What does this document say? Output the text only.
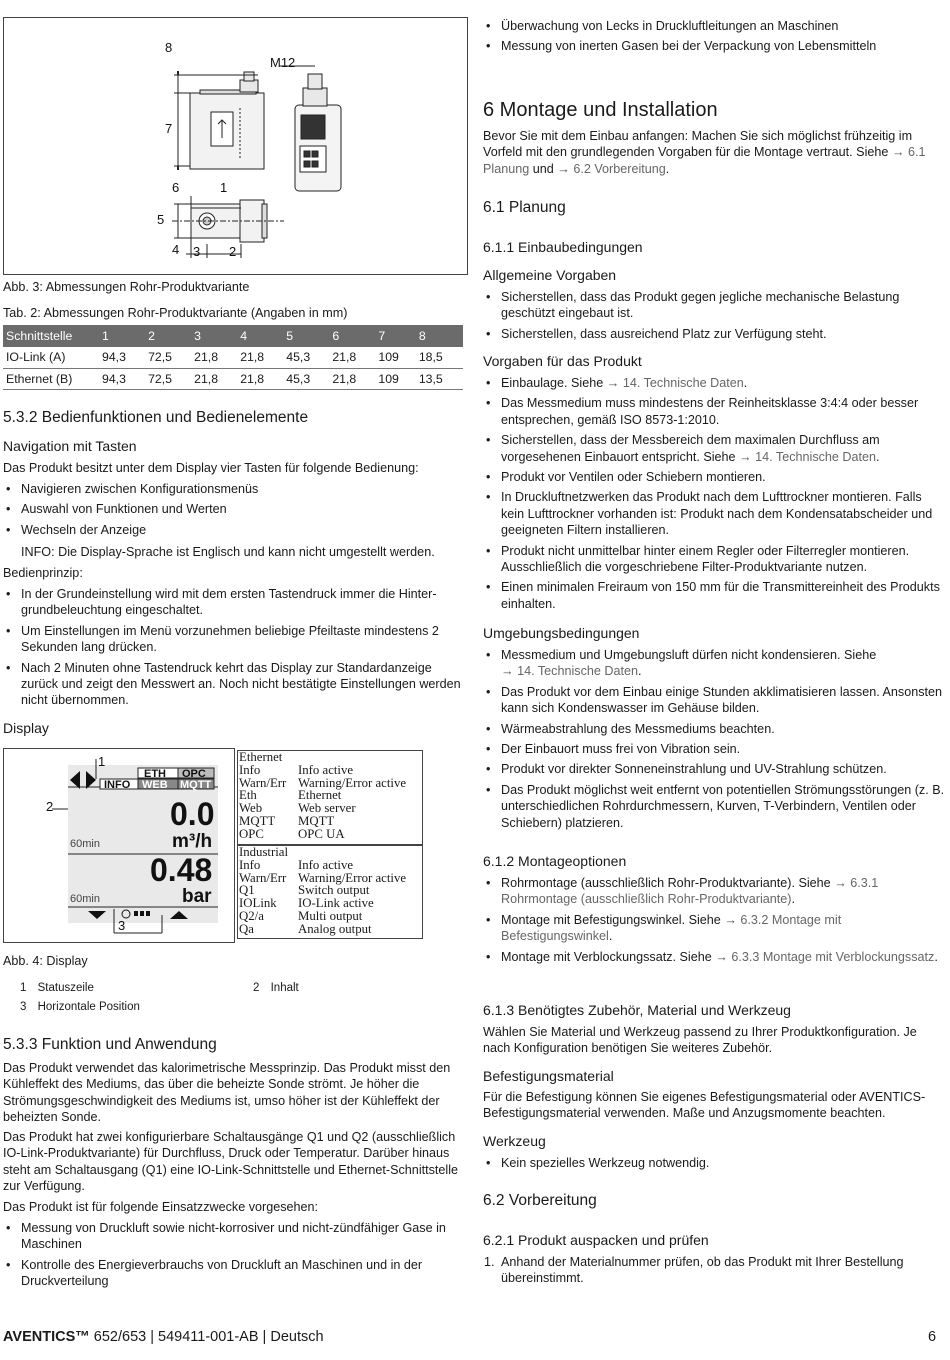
8
M12
7
6	1
5
4 3 2

Abb. 3: Abmessungen Rohr-Produktvariante

Tab. 2: Abmessungen Rohr-Produktvariante (Angaben in mm)

Schnittstelle	1	2	3	4	5	6	7	8
IO-Link (A)	94,3	72,5	21,8	21,8	45,3	21,8	109	18,5
Ethernet (B)	94,3	72,5	21,8	21,8	45,3	21,8	109	13,5
5.3.2 Bedienfunktionen und Bedienelemente
Navigation mit Tasten

Das Produkt besitzt unter dem Display vier Tasten für folgende Bedienung:

• Navigieren zwischen Konfigurationsmenüs
• Auswahl von Funktionen und Werten
• Wechseln der Anzeige

INFO: Die Display-Sprache ist Englisch und kann nicht umgestellt werden.

Bedienprinzip:

• In der Grundeinstellung wird mit dem ersten Tastendruck immer die Hinter-grundbeleuchtung eingeschaltet.
• Um Einstellungen im Menü vorzunehmen beliebige Pfeiltaste mindestens 2 Sekunden lang drücken.
• Nach 2 Minuten ohne Tastendruck kehrt das Display zur Standardanzeige zurück und zeigt den Messwert an. Noch nicht bestätigte Einstellungen werden nicht übernommen.
Display
ETH OPC
INFO WEB MQTT
0.0
m³/h
0.48
bar
60min
60min
1
2
3
Ethernet
Info	Info active
Warn/Err Warning/Error active
Eth	Ethernet
Web	Web server
MQTT MQTT
OPC	OPC UA
Industrial
Info	Info active
Warn/Err Warning/Error active
Q1	Switch output
IOLink IO-Link active
Q2/a	Multi output
Qa	Analog output

Abb. 4: Display

1 Statuszeile	2 Inhalt
3 Horizontale Position
5.3.3 Funktion und Anwendung

Das Produkt verwendet das kalorimetrische Messprinzip. Das Produkt misst den Kühleffekt des Mediums, das über die beheizte Sonde strömt. Je höher die Strömungsgeschwindigkeit des Mediums ist, umso höher ist der Kühleffekt der beheizten Sonde.

Das Produkt hat zwei konfigurierbare Schaltausgänge Q1 und Q2 (ausschließlich IO-Link-Produktvariante) für Durchfluss, Druck oder Temperatur. Darüber hinaus steht am Schaltausgang (Q1) eine IO-Link-Schnittstelle und Ethernet-Schnittstelle zur Verfügung.

Das Produkt ist für folgende Einsatzzwecke vorgesehen:

• Messung von Druckluft sowie nicht-korrosiver und nicht-zündfähiger Gase in Maschinen
• Kontrolle des Energieverbrauchs von Druckluft an Maschinen und in der Druckverteilung
• Überwachung von Lecks in Druckluftleitungen an Maschinen
• Messung von inerten Gasen bei der Verpackung von Lebensmitteln
6 Montage und Installation

Bevor Sie mit dem Einbau anfangen: Machen Sie sich möglichst frühzeitig im Vorfeld mit den grundlegenden Vorgaben für die Montage vertraut. Siehe → 6.1 Planung und → 6.2 Vorbereitung.

6.1 Planung
6.1.1 Einbaubedingungen
Allgemeine Vorgaben
• Sicherstellen, dass das Produkt gegen jegliche mechanische Belastung geschützt eingebaut ist.
• Sicherstellen, dass ausreichend Platz zur Verfügung steht.
Vorgaben für das Produkt
• Einbaulage. Siehe → 14. Technische Daten.
• Das Messmedium muss mindestens der Reinheitsklasse 3:4:4 oder besser entsprechen, gemäß ISO 8573-1:2010.
• Sicherstellen, dass der Messbereich dem maximalen Durchfluss am vorgesehenen Einbauort entspricht. Siehe → 14. Technische Daten.
• Produkt vor Ventilen oder Schiebern montieren.
• In Druckluftnetzwerken das Produkt nach dem Lufttrockner montieren. Falls kein Lufttrockner vorhanden ist: Produkt nach dem Kondensatabscheider und geeigneten Filtern installieren.
• Produkt nicht unmittelbar hinter einem Regler oder Filterregler montieren. Ausschließlich die vorgeschriebene Filter-Produktvariante nutzen.
• Einen minimalen Freiraum von 150 mm für die Transmittereinheit des Produkts einhalten.
Umgebungsbedingungen
• Messmedium und Umgebungsluft dürfen nicht kondensieren. Siehe
→ 14. Technische Daten.
• Das Produkt vor dem Einbau einige Stunden akklimatisieren lassen. Ansonsten kann sich Kondenswasser im Gehäuse bilden.
• Wärmeabstrahlung des Messmediums beachten.
• Der Einbauort muss frei von Vibration sein.
• Produkt vor direkter Sonneneinstrahlung und UV-Strahlung schützen.
• Das Produkt möglichst weit entfernt von potentiellen Strömungsstörungen (z. B. unterschiedlichen Rohrdurchmessern, Kurven, T-Verbindern, Ventilen oder Schiebern) platzieren.
6.1.2 Montageoptionen
• Rohrmontage (ausschließlich Rohr-Produktvariante). Siehe → 6.3.1 Rohrmontage (ausschließlich Rohr-Produktvariante).
• Montage mit Befestigungswinkel. Siehe → 6.3.2 Montage mit Befestigungswinkel.
• Montage mit Verblockungssatz. Siehe → 6.3.3 Montage mit Verblockungssatz.
6.1.3 Benötigtes Zubehör, Material und Werkzeug

Wählen Sie Material und Werkzeug passend zu Ihrer Produktkonfiguration. Je nach Konfiguration benötigen Sie weiteres Zubehör.

Befestigungsmaterial

Für die Befestigung können Sie eigenes Befestigungsmaterial oder AVENTICS-Befestigungsmaterial verwenden. Maße und Anzugsmomente beachten.

Werkzeug
• Kein spezielles Werkzeug notwendig.
6.2 Vorbereitung
6.2.1 Produkt auspacken und prüfen
1. Anhand der Materialnummer prüfen, ob das Produkt mit Ihrer Bestellung übereinstimmt.
AVENTICS™ 652/653 | 549411-001-AB | Deutsch	6
